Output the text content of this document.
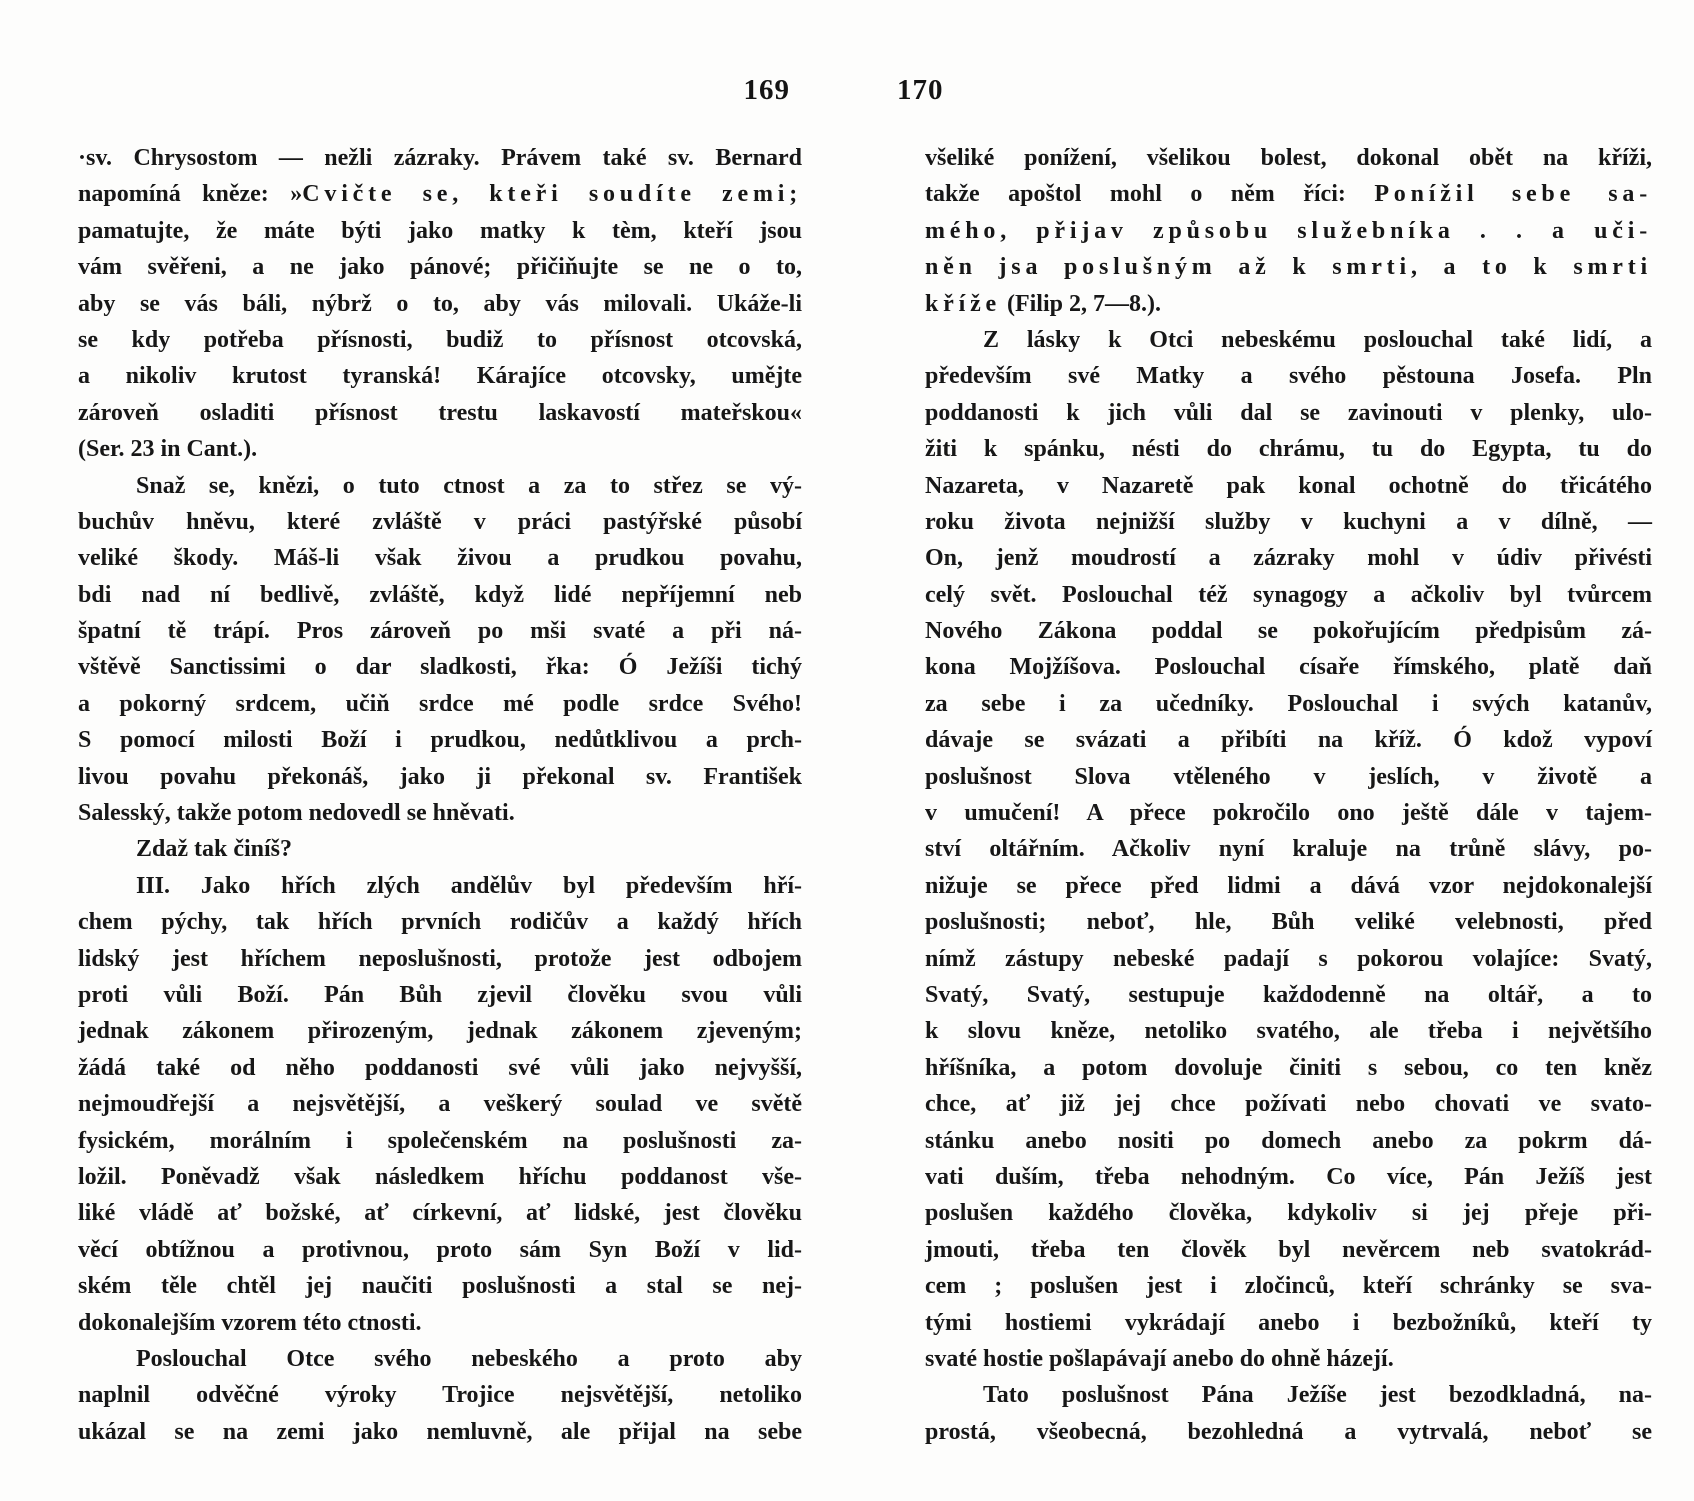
169	170
·sv. Chrysostom — nežli zázraky. Právem také sv. Bernard
napomíná kněze: »Cvičte se, kteři soudíte zemi;
pamatujte, že máte býti jako matky k tèm, kteří jsou
vám svěřeni, a ne jako pánové; přičiňujte se ne o to,
aby se vás báli, nýbrž o to, aby vás milovali. Ukáže-li
se kdy potřeba přísnosti, budiž to přísnost otcovská,
a nikoliv krutost tyranská! Kárajíce otcovsky, umějte
zároveň osladiti přísnost trestu laskavostí mateřskou«
(Ser. 23 in Cant.).
Snaž se, knězi, o tuto ctnost a za to střez se vý-
buchův hněvu, které zvláště v práci pastýřské působí
veliké škody. Máš-li však živou a prudkou povahu,
bdi nad ní bedlivě, zvláště, když lidé nepříjemní neb
špatní tě trápí. Pros zároveň po mši svaté a při ná-
vštěvě Sanctissimi o dar sladkosti, řka: Ó Ježíši tichý
a pokorný srdcem, učiň srdce mé podle srdce Svého!
S pomocí milosti Boží i prudkou, nedůtklivou a prch-
livou povahu překonáš, jako ji překonal sv. František
Salesský, takže potom nedovedl se hněvati.
Zdaž tak činíš?
III. Jako hřích zlých andělův byl především hří-
chem pýchy, tak hřích prvních rodičův a každý hřích
lidský jest hříchem neposlušnosti, protože jest odbojem
proti vůli Boží. Pán Bůh zjevil člověku svou vůli
jednak zákonem přirozeným, jednak zákonem zjeveným;
žádá také od něho poddanosti své vůli jako nejvyšší,
nejmoudřejší a nejsvětější, a veškerý soulad ve světě
fysickém, morálním i společenském na poslušnosti za-
ložil. Poněvadž však následkem hříchu poddanost vše-
liké vládě ať božské, ať církevní, ať lidské, jest člověku
věcí obtížnou a protivnou, proto sám Syn Boží v lid-
ském těle chtěl jej naučiti poslušnosti a stal se nej-
dokonalejším vzorem této ctnosti.
Poslouchal Otce svého nebeského a proto aby
naplnil odvěčné výroky Trojice nejsvětější, netoliko
ukázal se na zemi jako nemluvně, ale přijal na sebe
všeliké ponížení, všelikou bolest, dokonal obět na kříži,
takže apoštol mohl o něm říci: Ponížil sebe sa-
mého, přijav způsobu služebníka . . a uči-
něn jsa poslušným až k smrti, a to k smrti
kříže (Filip 2, 7—8.).
Z lásky k Otci nebeskému poslouchal také lidí, a
především své Matky a svého pěstouna Josefa. Pln
poddanosti k jich vůli dal se zavinouti v plenky, ulo-
žiti k spánku, nésti do chrámu, tu do Egypta, tu do
Nazareta, v Nazaretě pak konal ochotně do třicátého
roku života nejnižší služby v kuchyni a v dílně, —
On, jenž moudrostí a zázraky mohl v údiv přivésti
celý svět. Poslouchal též synagogy a ačkoliv byl tvůrcem
Nového Zákona poddal se pokořujícím předpisům zá-
kona Mojžíšova. Poslouchal císaře římského, platě daň
za sebe i za učedníky. Poslouchal i svých katanův,
dávaje se svázati a přibíti na kříž. Ó kdož vypoví
poslušnost Slova vtěleného v jeslích, v životě a
v umučení! A přece pokročilo ono ještě dále v tajem-
ství oltářním. Ačkoliv nyní kraluje na trůně slávy, po-
nižuje se přece před lidmi a dává vzor nejdokonalejší
poslušnosti; neboť, hle, Bůh veliké velebnosti, před
nímž zástupy nebeské padají s pokorou volajíce: Svatý,
Svatý, Svatý, sestupuje každodenně na oltář, a to
k slovu kněze, netoliko svatého, ale třeba i největšího
hříšníka, a potom dovoluje činiti s sebou, co ten kněz
chce, ať již jej chce požívati nebo chovati ve svato-
stánku anebo nositi po domech anebo za pokrm dá-
vati duším, třeba nehodným. Co více, Pán Ježíš jest
poslušen každého člověka, kdykoliv si jej přeje při-
jmouti, třeba ten člověk byl nevěrcem neb svatokrád-
cem ; poslušen jest i zločinců, kteří schránky se sva-
tými hostiemi vykrádají anebo i bezbožníků, kteří ty
svaté hostie pošlapávají anebo do ohně házejí.
Tato poslušnost Pána Ježíše jest bezodkladná, na-
prostá, všeobecná, bezohledná a vytrvalá, neboť se
